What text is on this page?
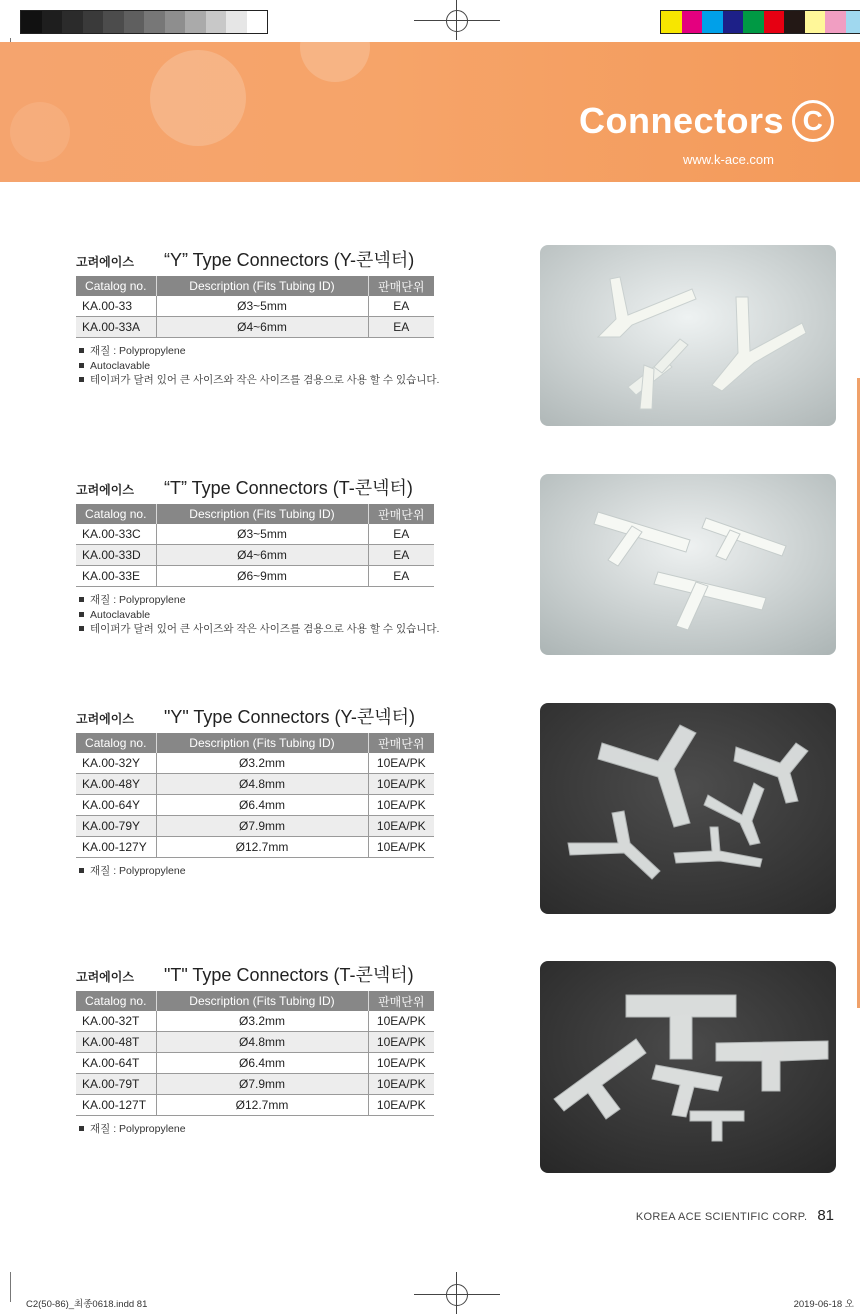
Connectors C
www.k-ace.com
고려에이스 “Y” Type Connectors (Y-콘넥터)
Catalog no.	Description (Fits Tubing ID)	판매단위
KA.00-33	Ø3~5mm	EA
KA.00-33A	Ø4~6mm	EA
재질 : Polypropylene
Autoclavable
테이퍼가 달려 있어 큰 사이즈와 작은 사이즈를 겸용으로 사용 할 수 있습니다.
고려에이스 “T” Type Connectors (T-콘넥터)
Catalog no.	Description (Fits Tubing ID)	판매단위
KA.00-33C	Ø3~5mm	EA
KA.00-33D	Ø4~6mm	EA
KA.00-33E	Ø6~9mm	EA
재질 : Polypropylene
Autoclavable
테이퍼가 달려 있어 큰 사이즈와 작은 사이즈를 겸용으로 사용 할 수 있습니다.
고려에이스 "Y" Type Connectors (Y-콘넥터)
Catalog no.	Description (Fits Tubing ID)	판매단위
KA.00-32Y	Ø3.2mm	10EA/PK
KA.00-48Y	Ø4.8mm	10EA/PK
KA.00-64Y	Ø6.4mm	10EA/PK
KA.00-79Y	Ø7.9mm	10EA/PK
KA.00-127Y	Ø12.7mm	10EA/PK
재질 : Polypropylene
고려에이스 "T" Type Connectors (T-콘넥터)
Catalog no.	Description (Fits Tubing ID)	판매단위
KA.00-32T	Ø3.2mm	10EA/PK
KA.00-48T	Ø4.8mm	10EA/PK
KA.00-64T	Ø6.4mm	10EA/PK
KA.00-79T	Ø7.9mm	10EA/PK
KA.00-127T	Ø12.7mm	10EA/PK
재질 : Polypropylene
KOREA ACE SCIENTIFIC CORP. 81
C2(50-86)_최종0618.indd 81	2019-06-18 오
